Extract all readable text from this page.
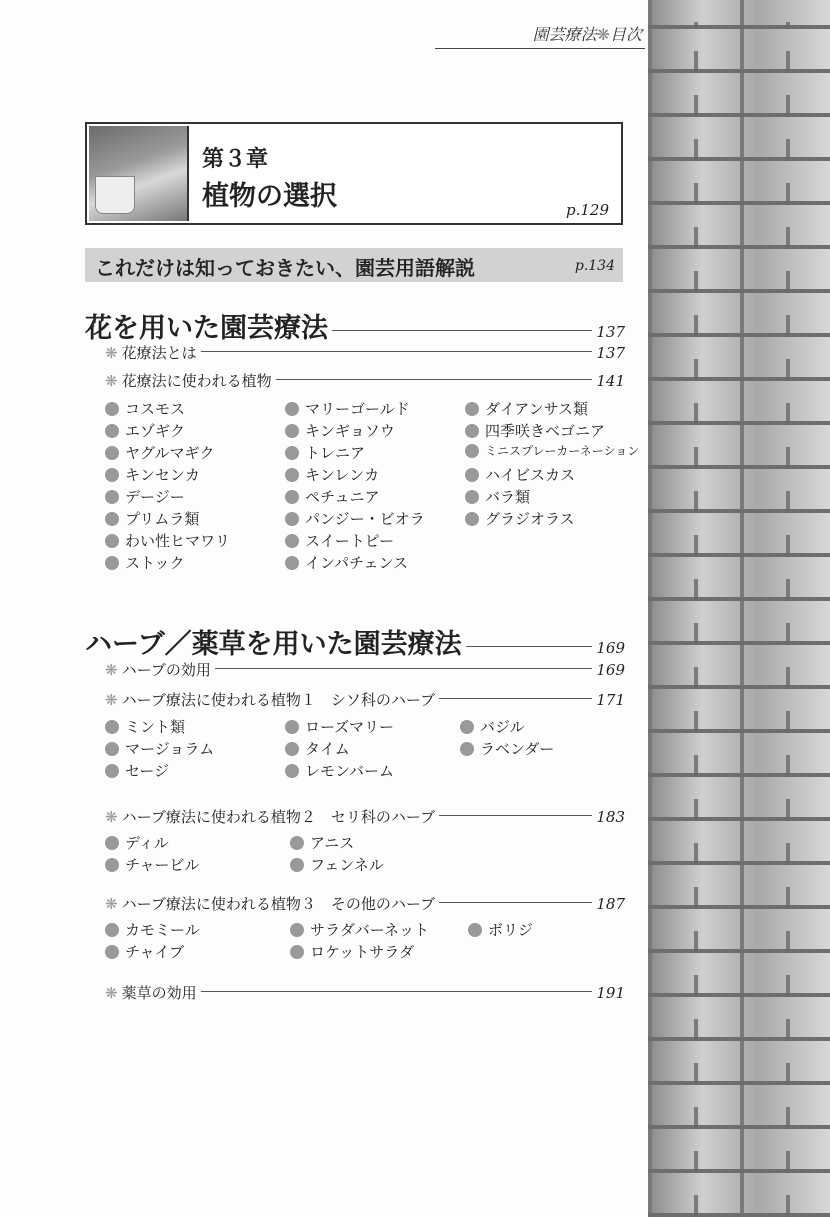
園芸療法❋目次
第３章
植物の選択	p.129
これだけは知っておきたい、園芸用語解説	p.134
花を用いた園芸療法	137
❋ 花療法とは	137
❋ 花療法に使われる植物	141
コスモス	マリーゴールド	ダイアンサス類
エゾギク	キンギョソウ	四季咲きベゴニア
ヤグルマギク	トレニア	ミニスプレーカーネーション
キンセンカ	キンレンカ	ハイビスカス
デージー	ペチュニア	バラ類
プリムラ類	パンジー・ビオラ	グラジオラス
わい性ヒマワリ	スイートピー
ストック	インパチェンス
ハーブ／薬草を用いた園芸療法	169
❋ ハーブの効用	169
❋ ハーブ療法に使われる植物１　シソ科のハーブ	171
ミント類	ローズマリー	バジル
マージョラム	タイム	ラベンダー
セージ	レモンバーム
❋ ハーブ療法に使われる植物２　セリ科のハーブ	183
ディル	アニス
チャービル	フェンネル
❋ ハーブ療法に使われる植物３　その他のハーブ	187
カモミール	サラダバーネット	ボリジ
チャイブ	ロケットサラダ
❋ 薬草の効用	191
